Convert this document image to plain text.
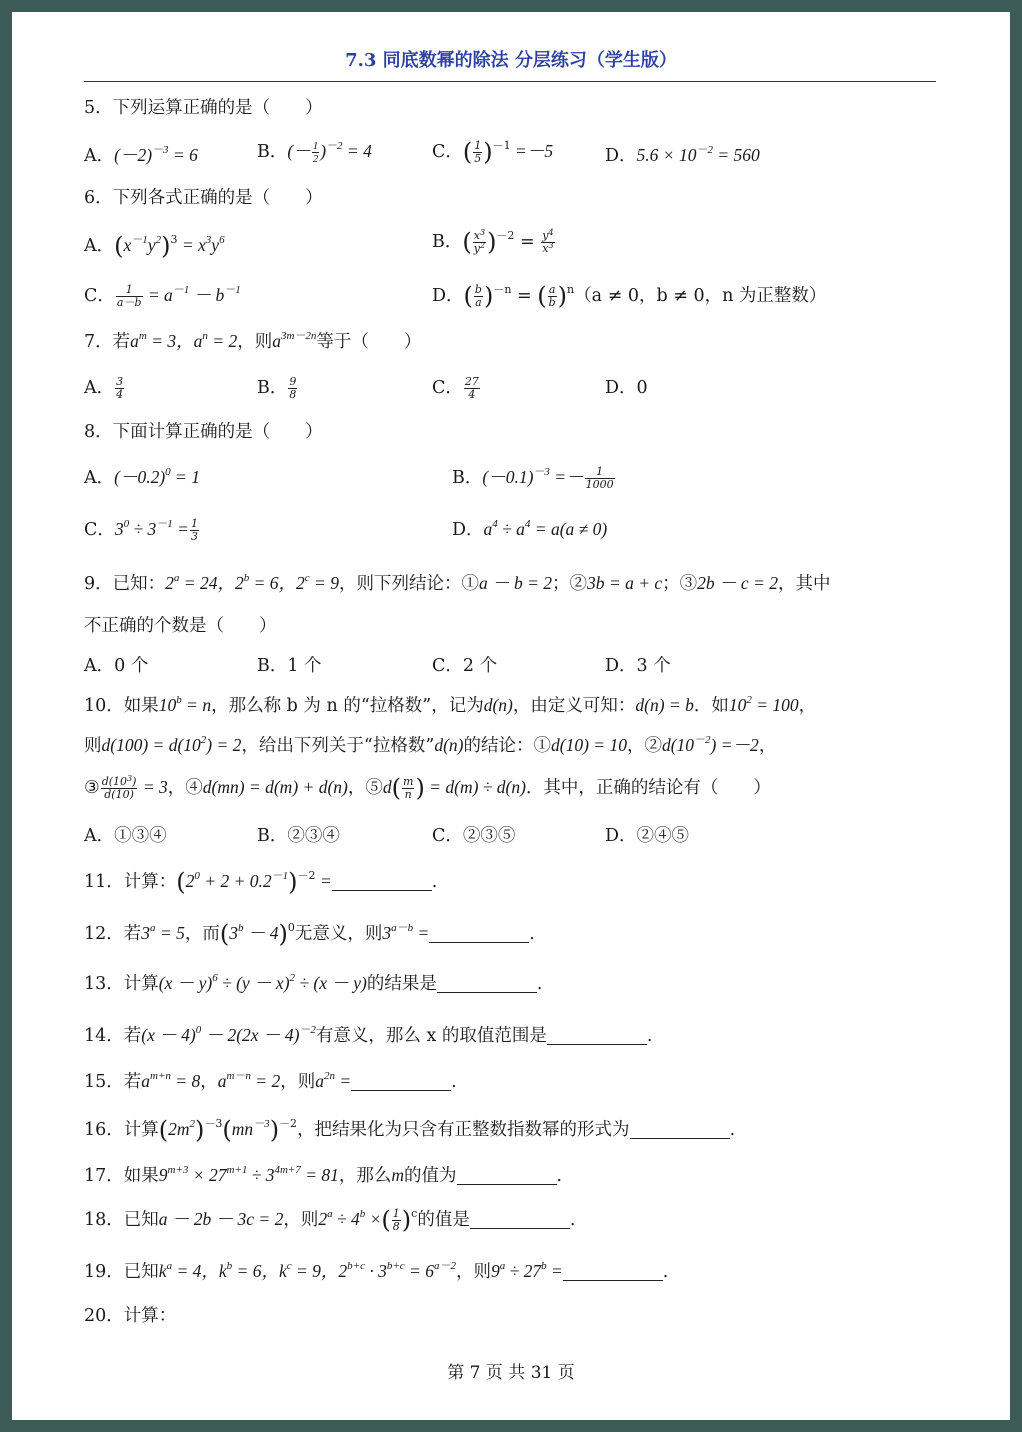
7.3 同底数幂的除法 分层练习（学生版）
5．下列运算正确的是（　　）
A．$(-2)^{-3} = 6$	B．(－ $\frac{1}{2} )^{-2} = 4$	C．( $\frac{1}{5} )^{-1} =-5$	D．$5.6 \times 10^{-2} = 560$
6．下列各式正确的是（　　）
A．$(x^{-1}y^2)^3 = x^3y^6$	B．( $\frac{x^3}{y^2} )^{-2} = \frac{y^4}{x^3}$
C． $\frac{1}{a-b} = a^{-1} - b^{-1}$	D．( $\frac{b}{a} )^{-n}$ = ( $\frac{a}{b} )^n(a \ne 0$，b ≠ 0，n 为正整数）
7．若$a^m = 3$，$a^n = 2$，则$a^{3m-2n}$等于（　　）
A． $\frac{3}{4}$	B． $\frac{9}{8}$	C． $\frac{27}{4}$	D．0
8．下面计算正确的是（　　）
A．$(-0.2)^0 = 1$	B．$(-0.1)^{-3} =- \frac{1}{1000}$
C．$3^0 \div 3^{-1} = \frac{1}{3}$	D．$a^4 \div a^4 = a(a \ne 0)$
9．已知：$2^a = 24$，$2^b = 6$，$2^c = 9$，则下列结论：①a － b = 2；②3b = a + c；③2b － c = 2，其中
不正确的个数是（　　）
A．0 个	B．1 个	C．2 个	D．3 个
10．如果$10^b = n$，那么称 b 为 n 的“拉格数”，记为d(n)，由定义可知：d(n) = b．如$10^2 = 100$，
则$d(100) = d(10^2) = 2$，给出下列关于“拉格数”d(n)的结论：①d(10) = 10，$②d(10^{-2}) =-2$，
③ $\frac{d(10^3)}{d(10)} = 3$，④d(mn) = d(m) + d(n)，⑤d( $\frac{m}{n}$ ) = d(m) ÷ d(n)．其中，正确的结论有（　　）
A．①③④	B．②③④	C．②③⑤	D．②④⑤
11．计算：$(2^0 + 2 + 0.2^{-1})^{-2}$ =	.
12．若$3^a = 5$，而$(3^b - 4)^0$无意义，则$3^{a-b}$ =	.
13．计算$(x - y)^6 \div (y - x)^2 \div (x - y)$的结果是	.
14．若$(x - 4)^0 - 2(2x - 4)^{-2}$有意义，那么 x 的取值范围是	.
15．若$a^{m+n} = 8$，$a^{m-n} = 2$，则$a^{2n}$ =	.
16．计算$(2m^2)^{-3}(mn^{-3})^{-2}$，把结果化为只含有正整数指数幂的形式为	.
17．如果$9^{m+3} \times 27^{m+1} \div 3^{4m+7} = 81$，那么m的值为	.
18．已知a － 2b － 3c = 2，则$2^a \div 4^b$ ×( $\frac{1}{8} )^c$的值是	.
19．已知$k^a = 4$，$k^b = 6$，$k^c = 9$，$2^{b+c} \cdot 3^{b+c} = 6^{a-2}$，则$9^a \div 27^b$ =	.
20．计算：
第 7 页 共 31 页
